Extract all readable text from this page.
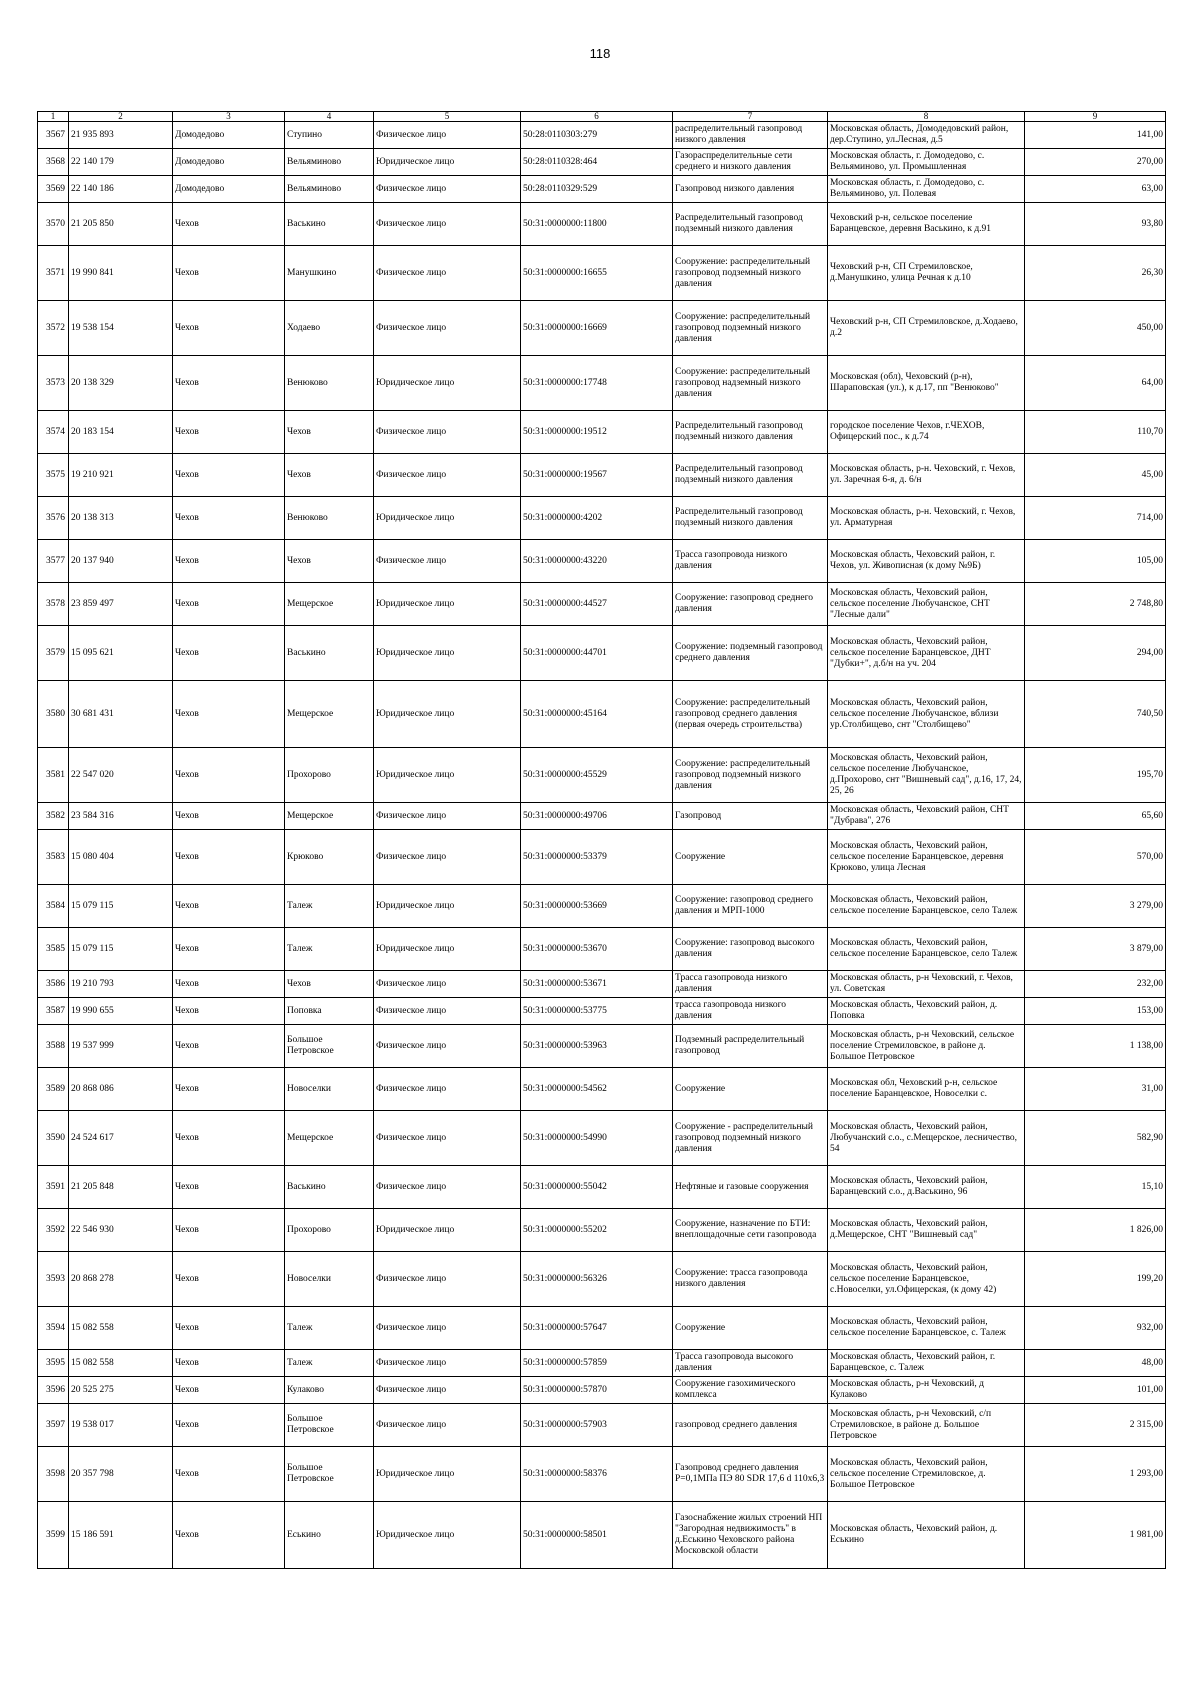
118
1	2	3	4	5	6	7	8	9
3567	21 935 893	Домодедово	Ступино	Физическое лицо	50:28:0110303:279	распределительный газопровод низкого давления	Московская область, Домодедовский район, дер.Ступино, ул.Лесная, д.5	141,00
3568	22 140 179	Домодедово	Вельяминово	Юридическое лицо	50:28:0110328:464	Газораспределительные сети среднего и низкого давления	Московская область, г. Домодедово, с. Вельяминово, ул. Промышленная	270,00
3569	22 140 186	Домодедово	Вельяминово	Физическое лицо	50:28:0110329:529	Газопровод низкого давления	Московская область, г. Домодедово, с. Вельяминово, ул. Полевая	63,00
3570	21 205 850	Чехов	Васькино	Физическое лицо	50:31:0000000:11800	Распределительный газопровод подземный низкого давления	Чеховский р-н, сельское поселение Баранцевское, деревня Васькино, к д.91	93,80
3571	19 990 841	Чехов	Манушкино	Физическое лицо	50:31:0000000:16655	Сооружение: распределительный газопровод подземный низкого давления	Чеховский р-н, СП Стремиловское, д.Манушкино, улица Речная к д.10	26,30
3572	19 538 154	Чехов	Ходаево	Физическое лицо	50:31:0000000:16669	Сооружение: распределительный газопровод подземный низкого давления	Чеховский р-н, СП Стремиловское, д.Ходаево, д.2	450,00
3573	20 138 329	Чехов	Венюково	Юридическое лицо	50:31:0000000:17748	Сооружение: распределительный газопровод надземный низкого давления	Московская (обл), Чеховский (р-н), Шараповская (ул.), к д.17, пп "Венюково"	64,00
3574	20 183 154	Чехов	Чехов	Физическое лицо	50:31:0000000:19512	Распределительный газопровод подземный низкого давления	городское поселение Чехов, г.ЧЕХОВ, Офицерский пос., к д.74	110,70
3575	19 210 921	Чехов	Чехов	Физическое лицо	50:31:0000000:19567	Распределительный газопровод подземный низкого давления	Московская область, р-н. Чеховский, г. Чехов, ул. Заречная 6-я, д. 6/н	45,00
3576	20 138 313	Чехов	Венюково	Юридическое лицо	50:31:0000000:4202	Распределительный газопровод подземный низкого давления	Московская область, р-н. Чеховский, г. Чехов, ул. Арматурная	714,00
3577	20 137 940	Чехов	Чехов	Физическое лицо	50:31:0000000:43220	Трасса газопровода низкого давления	Московская область, Чеховский район, г. Чехов, ул. Живописная (к дому №9Б)	105,00
3578	23 859 497	Чехов	Мещерское	Юридическое лицо	50:31:0000000:44527	Сооружение: газопровод среднего давления	Московская область, Чеховский район, сельское поселение Любучанское, СНТ "Лесные дали"	2 748,80
3579	15 095 621	Чехов	Васькино	Юридическое лицо	50:31:0000000:44701	Сооружение: подземный газопровод среднего давления	Московская область, Чеховский район, сельское поселение Баранцевское, ДНТ "Дубки+", д.б/н на уч. 204	294,00
3580	30 681 431	Чехов	Мещерское	Юридическое лицо	50:31:0000000:45164	Сооружение: распределительный газопровод среднего давления (первая очередь строительства)	Московская область, Чеховский район, сельское поселение Любучанское, вблизи ур.Столбищево, снт "Столбищево"	740,50
3581	22 547 020	Чехов	Прохорово	Юридическое лицо	50:31:0000000:45529	Сооружение: распределительный газопровод подземный низкого давления	Московская область, Чеховский район, сельское поселение Любучанское, д.Прохорово, снт "Вишневый сад", д.16, 17, 24, 25, 26	195,70
3582	23 584 316	Чехов	Мещерское	Физическое лицо	50:31:0000000:49706	Газопровод	Московская область, Чеховский район, СНТ "Дубрава", 276	65,60
3583	15 080 404	Чехов	Крюково	Физическое лицо	50:31:0000000:53379	Сооружение	Московская область, Чеховский район, сельское поселение Баранцевское, деревня Крюково, улица Лесная	570,00
3584	15 079 115	Чехов	Талеж	Юридическое лицо	50:31:0000000:53669	Сооружение: газопровод среднего давления и МРП-1000	Московская область, Чеховский район, сельское поселение Баранцевское, село Талеж	3 279,00
3585	15 079 115	Чехов	Талеж	Юридическое лицо	50:31:0000000:53670	Сооружение: газопровод высокого давления	Московская область, Чеховский район, сельское поселение Баранцевское, село Талеж	3 879,00
3586	19 210 793	Чехов	Чехов	Физическое лицо	50:31:0000000:53671	Трасса газопровода низкого давления	Московская область, р-н Чеховский, г. Чехов, ул. Советская	232,00
3587	19 990 655	Чехов	Поповка	Физическое лицо	50:31:0000000:53775	трасса газопровода низкого давления	Московская область, Чеховский район, д. Поповка	153,00
3588	19 537 999	Чехов	Большое Петровское	Физическое лицо	50:31:0000000:53963	Подземный распределительный газопровод	Московская область, р-н Чеховский, сельское поселение Стремиловское, в районе д. Большое Петровское	1 138,00
3589	20 868 086	Чехов	Новоселки	Физическое лицо	50:31:0000000:54562	Сооружение	Московская обл, Чеховский р-н, сельское поселение Баранцевское, Новоселки с.	31,00
3590	24 524 617	Чехов	Мещерское	Физическое лицо	50:31:0000000:54990	Сооружение - распределительный газопровод подземный низкого давления	Московская область, Чеховский район, Любучанский с.о., с.Мещерское, лесничество, 54	582,90
3591	21 205 848	Чехов	Васькино	Физическое лицо	50:31:0000000:55042	Нефтяные и газовые сооружения	Московская область, Чеховский район, Баранцевский с.о., д.Васькино, 96	15,10
3592	22 546 930	Чехов	Прохорово	Юридическое лицо	50:31:0000000:55202	Сооружение, назначение по БТИ: внеплощадочные сети газопровода	Московская область, Чеховский район, д.Мещерское, СНТ "Вишневый сад"	1 826,00
3593	20 868 278	Чехов	Новоселки	Физическое лицо	50:31:0000000:56326	Сооружение: трасса газопровода низкого давления	Московская область, Чеховский район, сельское поселение Баранцевское, с.Новоселки, ул.Офицерская, (к дому 42)	199,20
3594	15 082 558	Чехов	Талеж	Физическое лицо	50:31:0000000:57647	Сооружение	Московская область, Чеховский район, сельское поселение Баранцевское, с. Талеж	932,00
3595	15 082 558	Чехов	Талеж	Физическое лицо	50:31:0000000:57859	Трасса газопровода высокого давления	Московская область, Чеховский район, г. Баранцевское, с. Талеж	48,00
3596	20 525 275	Чехов	Кулаково	Физическое лицо	50:31:0000000:57870	Сооружение газохимического комплекса	Московская область, р-н Чеховский, д Кулаково	101,00
3597	19 538 017	Чехов	Большое Петровское	Физическое лицо	50:31:0000000:57903	газопровод среднего давления	Московская область, р-н Чеховский, с/п Стремиловское, в районе д. Большое Петровское	2 315,00
3598	20 357 798	Чехов	Большое Петровское	Юридическое лицо	50:31:0000000:58376	Газопровод среднего давления Р=0,1МПа ПЭ 80 SDR 17,6 d 110x6,3	Московская область, Чеховский район, сельское поселение Стремиловское, д. Большое Петровское	1 293,00
3599	15 186 591	Чехов	Еськино	Юридическое лицо	50:31:0000000:58501	Газоснабжение жилых строений НП "Загородная недвижимость" в д.Еськино Чеховского района Московской области	Московская область, Чеховский район, д. Еськино	1 981,00
